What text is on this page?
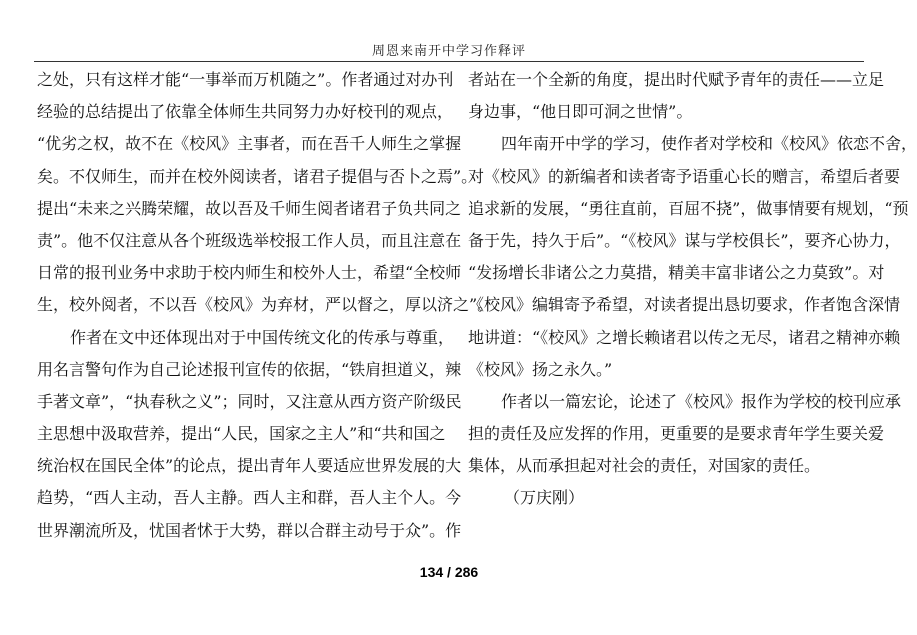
周恩来南开中学习作释评
之处，只有这样才能“一事举而万机随之”。作者通过对办刊
经验的总结提出了依靠全体师生共同努力办好校刊的观点，
“优劣之权，故不在《校风》主事者，而在吾千人师生之掌握
矣。不仅师生，而并在校外阅读者，诸君子提倡与否卜之焉”。
提出“未来之兴腾荣耀，故以吾及千师生阅者诸君子负共同之
责”。他不仅注意从各个班级选举校报工作人员，而且注意在
日常的报刊业务中求助于校内师生和校外人士，希望“全校师
生，校外阅者，不以吾《校风》为弃材，严以督之，厚以济之”。
作者在文中还体现出对于中国传统文化的传承与尊重，
用名言警句作为自己论述报刊宣传的依据，“铁肩担道义，辣
手著文章”，“执春秋之义”；同时，又注意从西方资产阶级民
主思想中汲取营养，提出“人民，国家之主人”和“共和国之
统治权在国民全体”的论点，提出青年人要适应世界发展的大
趋势，“西人主动，吾人主静。西人主和群，吾人主个人。今
世界潮流所及，忧国者怵于大势，群以合群主动号于众”。作
者站在一个全新的角度，提出时代赋予青年的责任——立足
身边事，“他日即可洞之世情”。
四年南开中学的学习，使作者对学校和《校风》依恋不舍，
对《校风》的新编者和读者寄予语重心长的赠言，希望后者要
追求新的发展，“勇往直前，百屈不挠”，做事情要有规划，“预
备于先，持久于后”。“《校风》谋与学校俱长”，要齐心协力，
“发扬增长非诸公之力莫措，精美丰富非诸公之力莫致”。对
《校风》编辑寄予希望，对读者提出恳切要求，作者饱含深情
地讲道：“《校风》之增长赖诸君以传之无尽，诸君之精神亦赖
《校风》扬之永久。”
作者以一篇宏论，论述了《校风》报作为学校的校刊应承
担的责任及应发挥的作用，更重要的是要求青年学生要关爱
集体，从而承担起对社会的责任，对国家的责任。
（万庆刚）
134 / 286
